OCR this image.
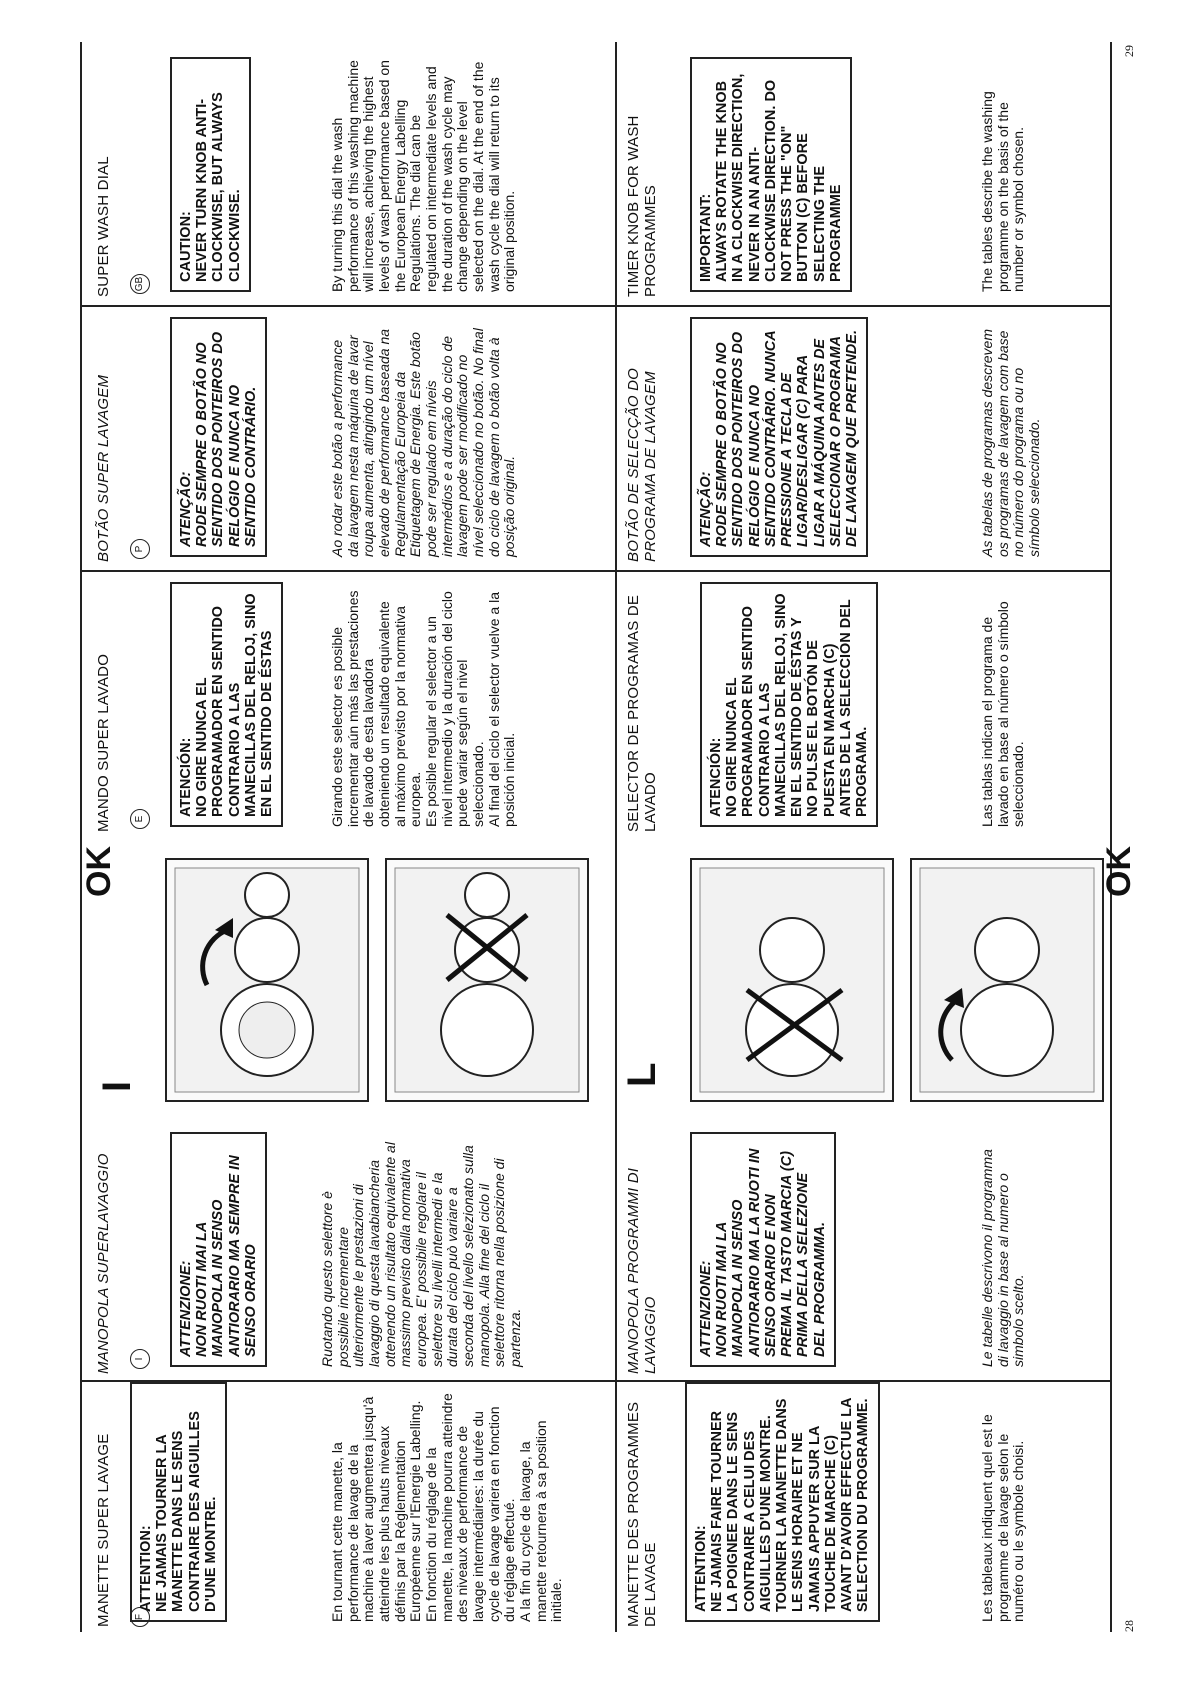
MANETTE SUPER LAVAGE	F
ATTENTION:
NE JAMAIS TOURNER LA MANETTE DANS LE SENS CONTRAIRE DES AIGUILLES D'UNE MONTRE.
En tournant cette manette, la performance de lavage de la machine à laver augmentera jusqu'à atteindre les plus hauts niveaux définis par la Réglementation Européenne sur l'Energie Labelling.
En fonction du réglage de la manette, la machine pourra atteindre des niveaux de performance de lavage intermédiaires: la durée du cycle de lavage variera en fonction du réglage effectué.
A la fin du cycle de lavage, la manette retournera à sa position initiale.	MANETTE DES PROGRAMMES DE LAVAGE	ATTENTION:
NE JAMAIS FAIRE TOURNER LA POIGNEE DANS LE SENS CONTRAIRE A CELUI DES AIGUILLES D'UNE MONTRE. TOURNER LA MANETTE DANS LE SENS HORAIRE ET NE JAMAIS APPUYER SUR LA TOUCHE DE MARCHE (C) AVANT D'AVOIR EFFECTUE LA SELECTION DU PROGRAMME.	Les tableaux indiquent quel est le programme de lavage selon le numéro ou le symbole choisi.
MANOPOLA SUPERLAVAGGIO	I
ATTENZIONE:
NON RUOTI MAI LA MANOPOLA IN SENSO ANTIORARIO MA SEMPRE IN SENSO ORARIO	Ruotando questo selettore è possibile incrementare ulteriormente le prestazioni di lavaggio di questa lavabiancheria ottenendo un risultato equivalente al massimo previsto dalla normativa europea. E' possibile regolare il selettore su livelli intermedi e la durata del ciclo può variare a seconda del livello selezionato sulla manopola. Alla fine del ciclo il selettore ritorna nella posizione di partenza.	MANOPOLA PROGRAMMI DI LAVAGGIO	ATTENZIONE:
NON RUOTI MAI LA MANOPOLA IN SENSO ANTIORARIO MA LA RUOTI IN SENSO ORARIO E NON PREMA IL TASTO MARCIA (C) PRIMA DELLA SELEZIONE DEL PROGRAMMA.	Le tabelle descrivono il programma di lavaggio in base al numero o simbolo scelto.
I
OK
L
OK
28
MANDO SUPER LAVADO	E
ATENCIÓN:
NO GIRE NUNCA EL PROGRAMADOR EN SENTIDO CONTRARIO A LAS MANECILLAS DEL RELOJ, SINO EN EL SENTIDO DE ÉSTAS
Girando este selector es posible incrementar aún más las prestaciones de lavado de esta lavadora obteniendo un resultado equivalente al máximo previsto por la normativa europea.
Es posible regular el selector a un nivel intermedio y la duración del ciclo puede variar según el nivel seleccionado.
Al final del ciclo el selector vuelve a la posición inicial.	SELECTOR DE PROGRAMAS DE LAVADO	ATENCIÓN:
NO GIRE NUNCA EL PROGRAMADOR EN SENTIDO CONTRARIO A LAS MANECILLAS DEL RELOJ, SINO EN EL SENTIDO DE ÉSTAS Y NO PULSE EL BOTÓN DE PUESTA EN MARCHA (C) ANTES DE LA SELECCIÓN DEL PROGRAMA.	Las tablas indican el programa de lavado en base al número o símbolo seleccionado.
BOTÃO SUPER LAVAGEM	P
ATENÇÃO:
RODE SEMPRE O BOTÃO NO SENTIDO DOS PONTEIROS DO RELÓGIO E NUNCA NO SENTIDO CONTRÁRIO.	Ao rodar este botão a performance da lavagem nesta máquina de lavar roupa aumenta, atingindo um nível elevado de performance baseada na Regulamentação Europeia da Etiquetagem de Energia. Este botão pode ser regulado em níveis intermédios e a duração do ciclo de lavagem pode ser modificado no nível seleccionado no botão. No final do ciclo de lavagem o botão volta à posição original.	BOTÃO DE SELECÇÃO DO PROGRAMA DE LAVAGEM	ATENÇÃO:
RODE SEMPRE O BOTÃO NO SENTIDO DOS PONTEIROS DO RELÓGIO E NUNCA NO SENTIDO CONTRÁRIO. NUNCA PRESSIONE A TECLA DE LIGAR/DESLIGAR (C) PARA LIGAR A MÁQUINA ANTES DE SELECCIONAR O PROGRAMA DE LAVAGEM QUE PRETENDE.	As tabelas de programas descrevem os programas de lavagem com base no número do programa ou no símbolo seleccionado.
SUPER WASH DIAL	GB
CAUTION:
NEVER TURN KNOB ANTI-CLOCKWISE, BUT ALWAYS CLOCKWISE.	By turning this dial the wash performance of this washing machine will increase, achieving the highest levels of wash performance based on the European Energy Labelling Regulations. The dial can be regulated on intermediate levels and the duration of the wash cycle may change depending on the level selected on the dial. At the end of the wash cycle the dial will return to its original position.	TIMER KNOB FOR WASH PROGRAMMES	IMPORTANT:
ALWAYS ROTATE THE KNOB IN A CLOCKWISE DIRECTION, NEVER IN AN ANTI-CLOCKWISE DIRECTION. DO NOT PRESS THE "ON" BUTTON (C) BEFORE SELECTING THE PROGRAMME	The tables describe the washing programme on the basis of the number or symbol chosen.
29
